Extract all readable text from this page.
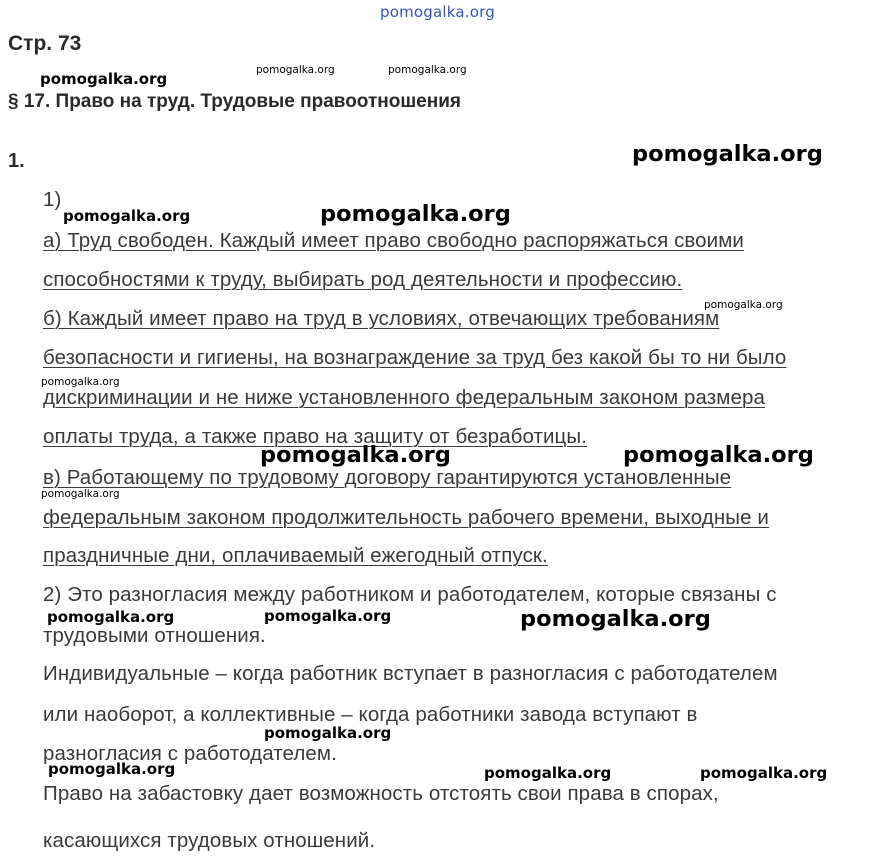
pomogalka.org
Стр. 73
§ 17. Право на труд. Трудовые правоотношения
1.
1)
а) Труд свободен. Каждый имеет право свободно распоряжаться своими
способностями к труду, выбирать род деятельности и профессию.
б) Каждый имеет право на труд в условиях, отвечающих требованиям
безопасности и гигиены, на вознаграждение за труд без какой бы то ни было
дискриминации и не ниже установленного федеральным законом размера
оплаты труда, а также право на защиту от безработицы.
в) Работающему по трудовому договору гарантируются установленные
федеральным законом продолжительность рабочего времени, выходные и
праздничные дни, оплачиваемый ежегодный отпуск.
2) Это разногласия между работником и работодателем, которые связаны с
трудовыми отношения.
Индивидуальные – когда работник вступает в разногласия с работодателем
или наоборот, а коллективные – когда работники завода вступают в
разногласия с работодателем.
Право на забастовку дает возможность отстоять свои права в спорах,
касающихся трудовых отношений.
pomogalka.org	pomogalka.org	pomogalka.org
pomogalka.org
pomogalka.org	pomogalka.org
pomogalka.org
pomogalka.org
pomogalka.org	pomogalka.org
pomogalka.org
pomogalka.org	pomogalka.org	pomogalka.org
pomogalka.org
pomogalka.org	pomogalka.org	pomogalka.org
